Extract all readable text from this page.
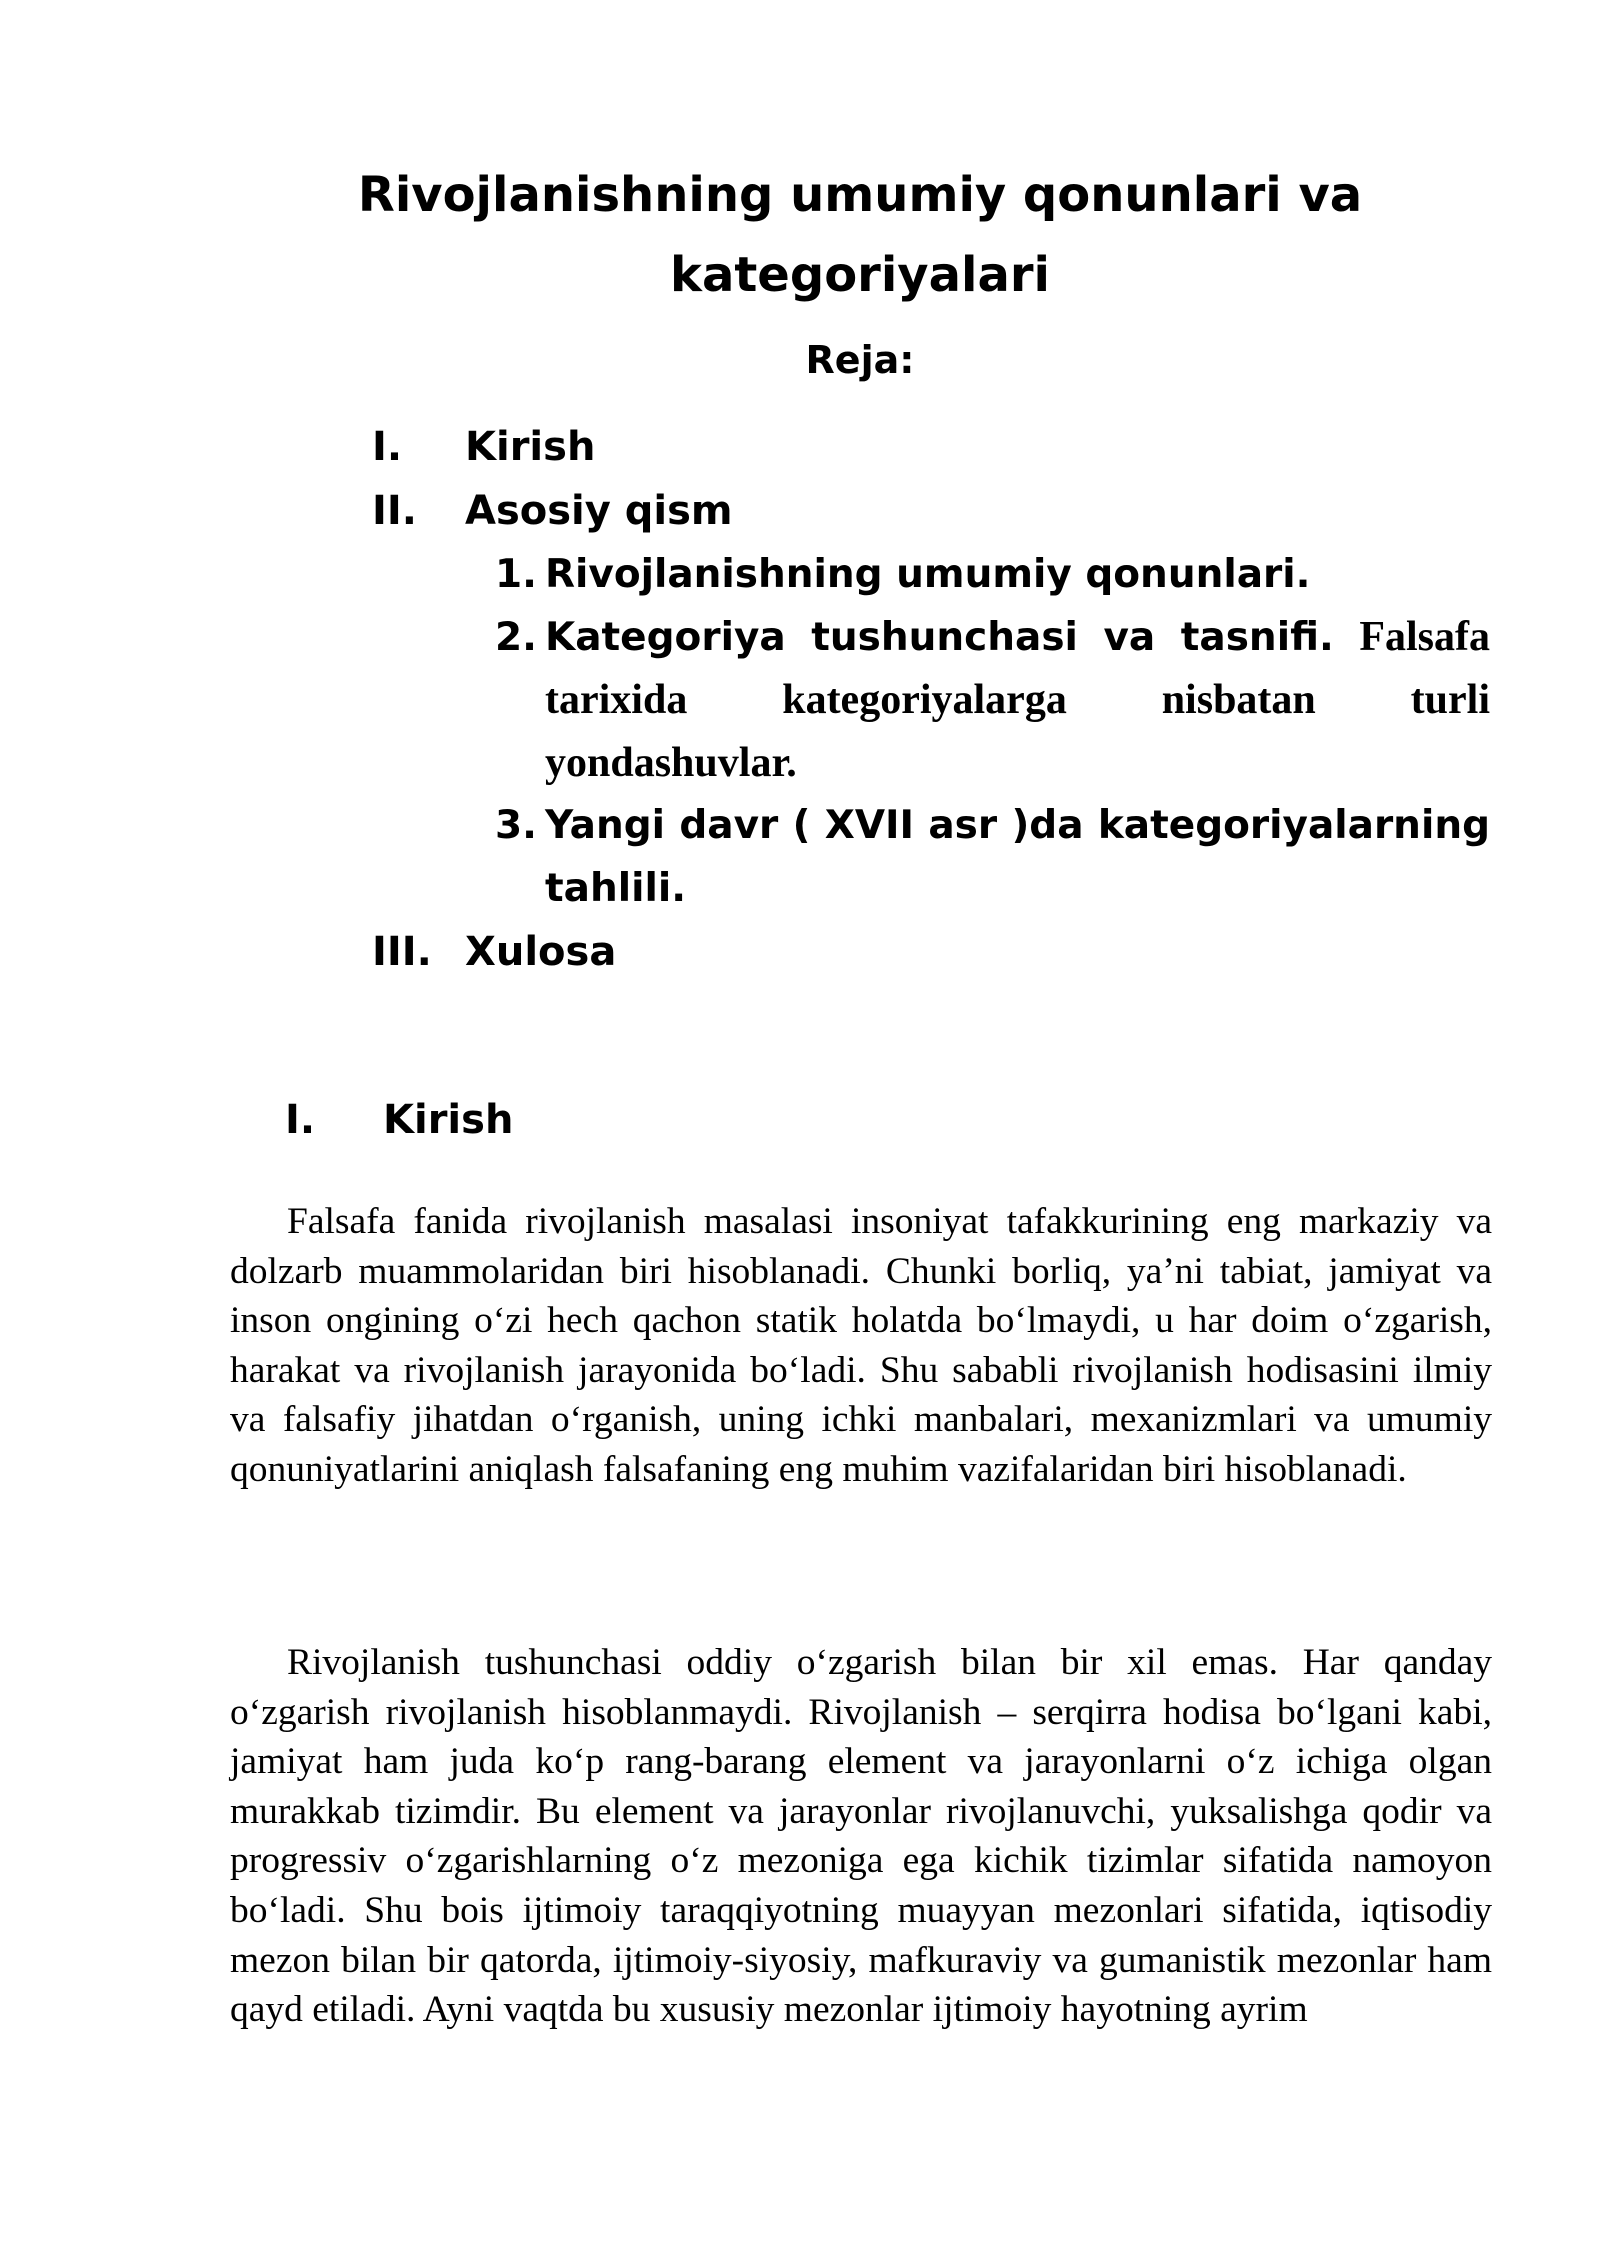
Rivojlanishning umumiy qonunlari va kategoriyalari
Reja:
I. Kirish
II. Asosiy qism
1. Rivojlanishning umumiy qonunlari.
2. Kategoriya tushunchasi va tasnifi. Falsafa tarixida kategoriyalarga nisbatan turli yondashuvlar.
3. Yangi davr ( XVII asr )da kategoriyalarning tahlili.
III. Xulosa
I. Kirish

Falsafa fanida rivojlanish masalasi insoniyat tafakkurining eng markaziy va dolzarb muammolaridan biri hisoblanadi. Chunki borliq, ya’ni tabiat, jamiyat va inson ongining o‘zi hech qachon statik holatda bo‘lmaydi, u har doim o‘zgarish, harakat va rivojlanish jarayonida bo‘ladi. Shu sababli rivojlanish hodisasini ilmiy va falsafiy jihatdan o‘rganish, uning ichki manbalari, mexanizmlari va umumiy qonuniyatlarini aniqlash falsafaning eng muhim vazifalaridan biri hisoblanadi.

Rivojlanish tushunchasi oddiy o‘zgarish bilan bir xil emas. Har qanday o‘zgarish rivojlanish hisoblanmaydi. Rivojlanish – serqirra hodisa bo‘lgani kabi, jamiyat ham juda ko‘p rang-barang element va jarayonlarni o‘z ichiga olgan murakkab tizimdir. Bu element va jarayonlar rivojlanuvchi, yuksalishga qodir va progressiv o‘zgarishlarning o‘z mezoniga ega kichik tizimlar sifatida namoyon bo‘ladi. Shu bois ijtimoiy taraqqiyotning muayyan mezonlari sifatida, iqtisodiy mezon bilan bir qatorda, ijtimoiy-siyosiy, mafkuraviy va gumanistik mezonlar ham qayd etiladi. Ayni vaqtda bu xususiy mezonlar ijtimoiy hayotning ayrim
